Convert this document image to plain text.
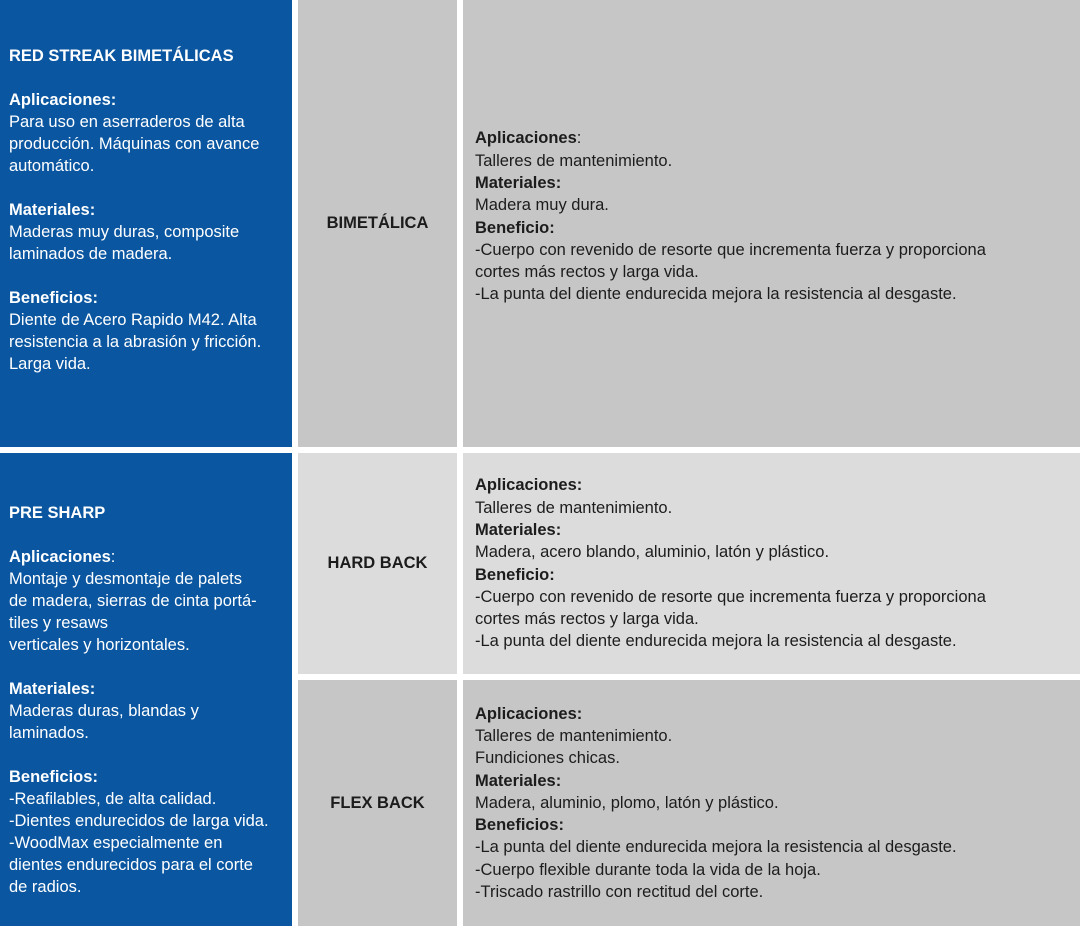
RED STREAK BIMETÁLICAS
Aplicaciones:
Para uso en aserraderos de alta
producción. Máquinas con avance
automático.
Materiales:
Maderas muy duras, composite
laminados de madera.
Beneficios:
Diente de Acero Rapido M42. Alta
resistencia a la abrasión y fricción.
Larga vida.
BIMETÁLICA
Aplicaciones:
Talleres de mantenimiento.
Materiales:
Madera muy dura.
Beneficio:
-Cuerpo con revenido de resorte que incrementa fuerza y proporciona
cortes más rectos y larga vida.
-La punta del diente endurecida mejora la resistencia al desgaste.
PRE SHARP
Aplicaciones:
Montaje y desmontaje de palets
de madera, sierras de cinta portá-
tiles y resaws
verticales y horizontales.
Materiales:
Maderas duras, blandas y
laminados.
Beneficios:
-Reafilables, de alta calidad.
-Dientes endurecidos de larga vida.
-WoodMax especialmente en
dientes endurecidos para el corte
de radios.
HARD BACK
Aplicaciones:
Talleres de mantenimiento.
Materiales:
Madera, acero blando, aluminio, latón y plástico.
Beneficio:
-Cuerpo con revenido de resorte que incrementa fuerza y proporciona
cortes más rectos y larga vida.
-La punta del diente endurecida mejora la resistencia al desgaste.
FLEX BACK
Aplicaciones:
Talleres de mantenimiento.
Fundiciones chicas.
Materiales:
Madera, aluminio, plomo, latón y plástico.
Beneficios:
-La punta del diente endurecida mejora la resistencia al desgaste.
-Cuerpo flexible durante toda la vida de la hoja.
-Triscado rastrillo con rectitud del corte.
